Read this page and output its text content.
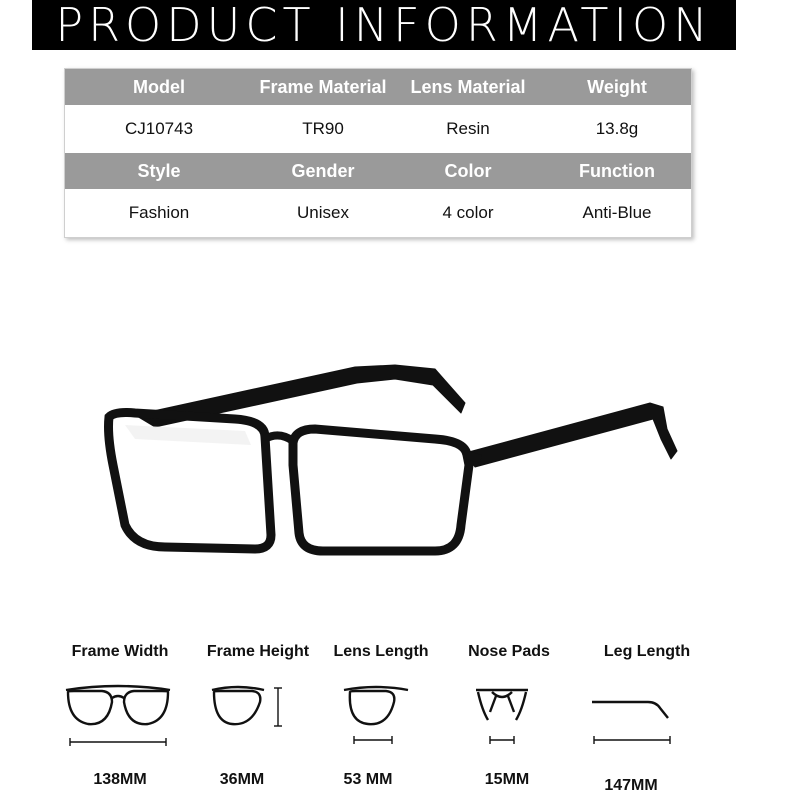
PRODUCT INFORMATION
Model	Frame Material	Lens Material	Weight
CJ10743	TR90	Resin	13.8g
Style	Gender	Color	Function
Fashion	Unisex	4 color	Anti-Blue
Frame Width	Frame Height	Lens Length	Nose Pads	Leg Length
138MM	36MM	53 MM	15MM	147MM
